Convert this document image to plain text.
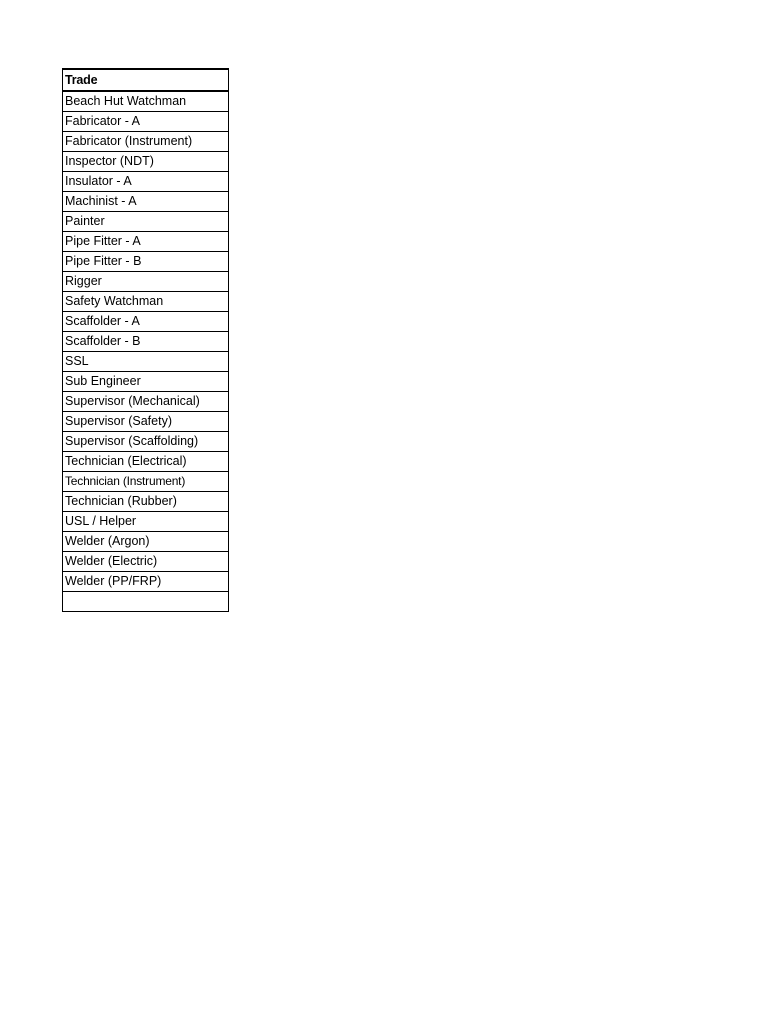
Trade
Beach Hut Watchman
Fabricator - A
Fabricator (Instrument)
Inspector (NDT)
Insulator - A
Machinist - A
Painter
Pipe Fitter - A
Pipe Fitter - B
Rigger
Safety Watchman
Scaffolder - A
Scaffolder - B
SSL
Sub Engineer
Supervisor (Mechanical)
Supervisor (Safety)
Supervisor (Scaffolding)
Technician (Electrical)
Technician (Instrument)
Technician (Rubber)
USL / Helper
Welder (Argon)
Welder (Electric)
Welder (PP/FRP)
